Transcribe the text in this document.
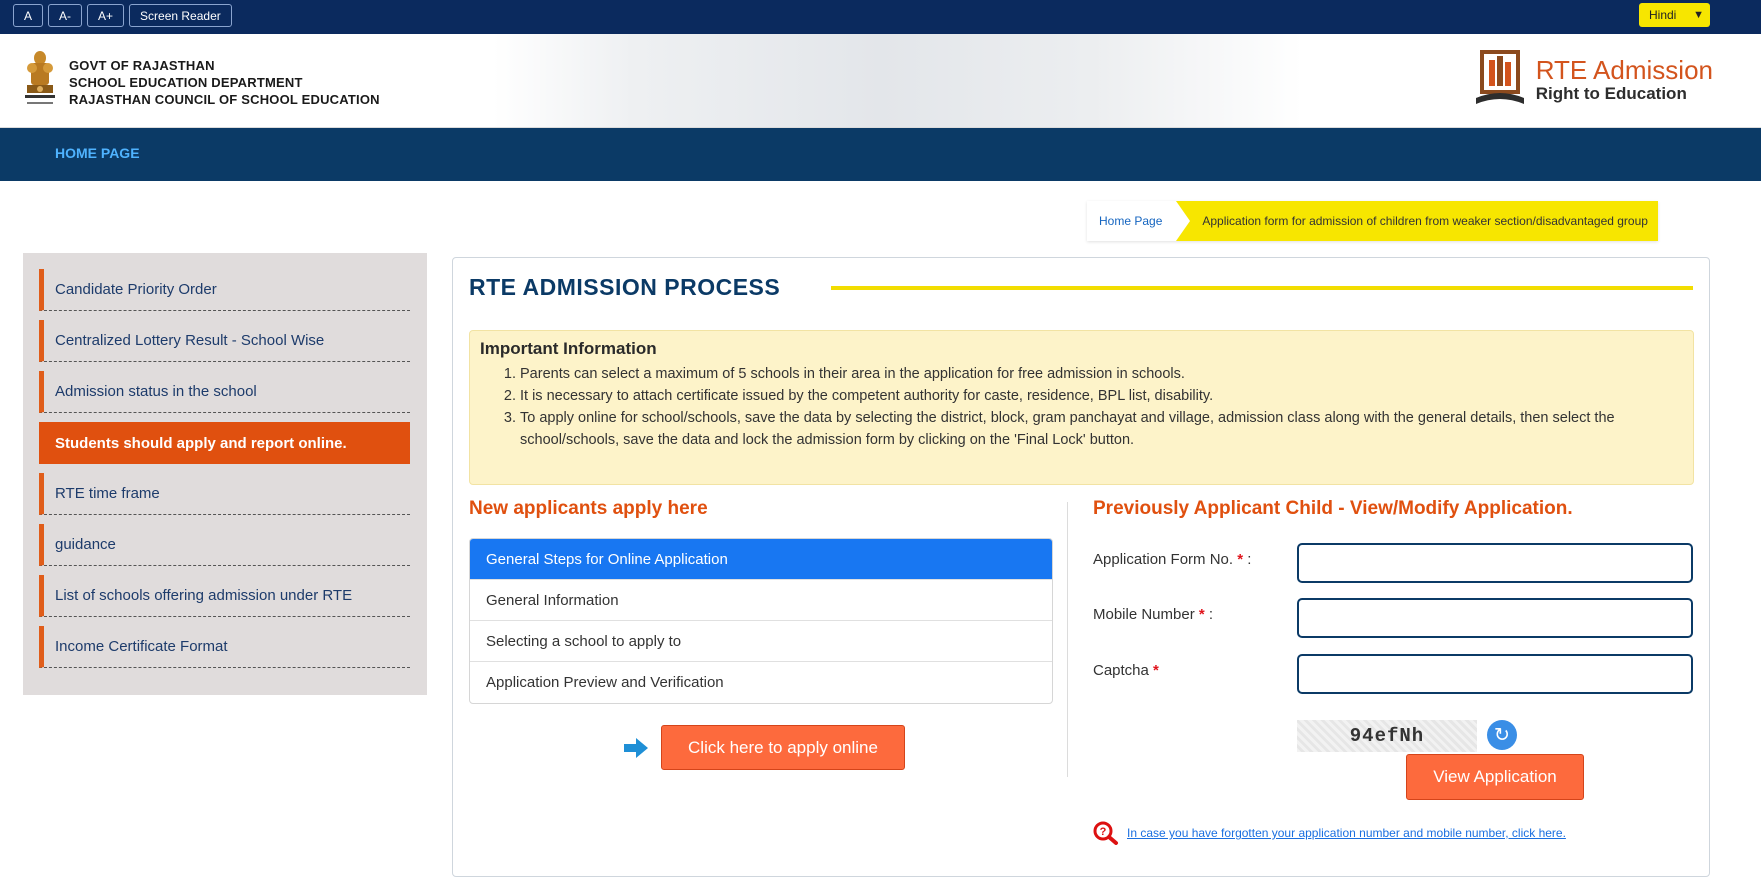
A	A-	A+	Screen Reader	Hindi ▼
GOVT OF RAJASTHAN
SCHOOL EDUCATION DEPARTMENT
RAJASTHAN COUNCIL OF SCHOOL EDUCATION
RTE Admission
Right to Education
HOME PAGE
Home Page	Application form for admission of children from weaker section/disadvantaged group
Candidate Priority Order
Centralized Lottery Result - School Wise
Admission status in the school
Students should apply and report online.
RTE time frame
guidance
List of schools offering admission under RTE
Income Certificate Format
RTE ADMISSION PROCESS
Important Information
1. Parents can select a maximum of 5 schools in their area in the application for free admission in schools.
2. It is necessary to attach certificate issued by the competent authority for caste, residence, BPL list, disability.
3. To apply online for school/schools, save the data by selecting the district, block, gram panchayat and village, admission class along with the general details, then select the school/schools, save the data and lock the admission form by clicking on the 'Final Lock' button.
New applicants apply here
General Steps for Online Application
General Information
Selecting a school to apply to
Application Preview and Verification
Click here to apply online
Previously Applicant Child - View/Modify Application.
Application Form No. * :
Mobile Number * :
Captcha *
94efNh	↻
View Application
? In case you have forgotten your application number and mobile number, click here.
